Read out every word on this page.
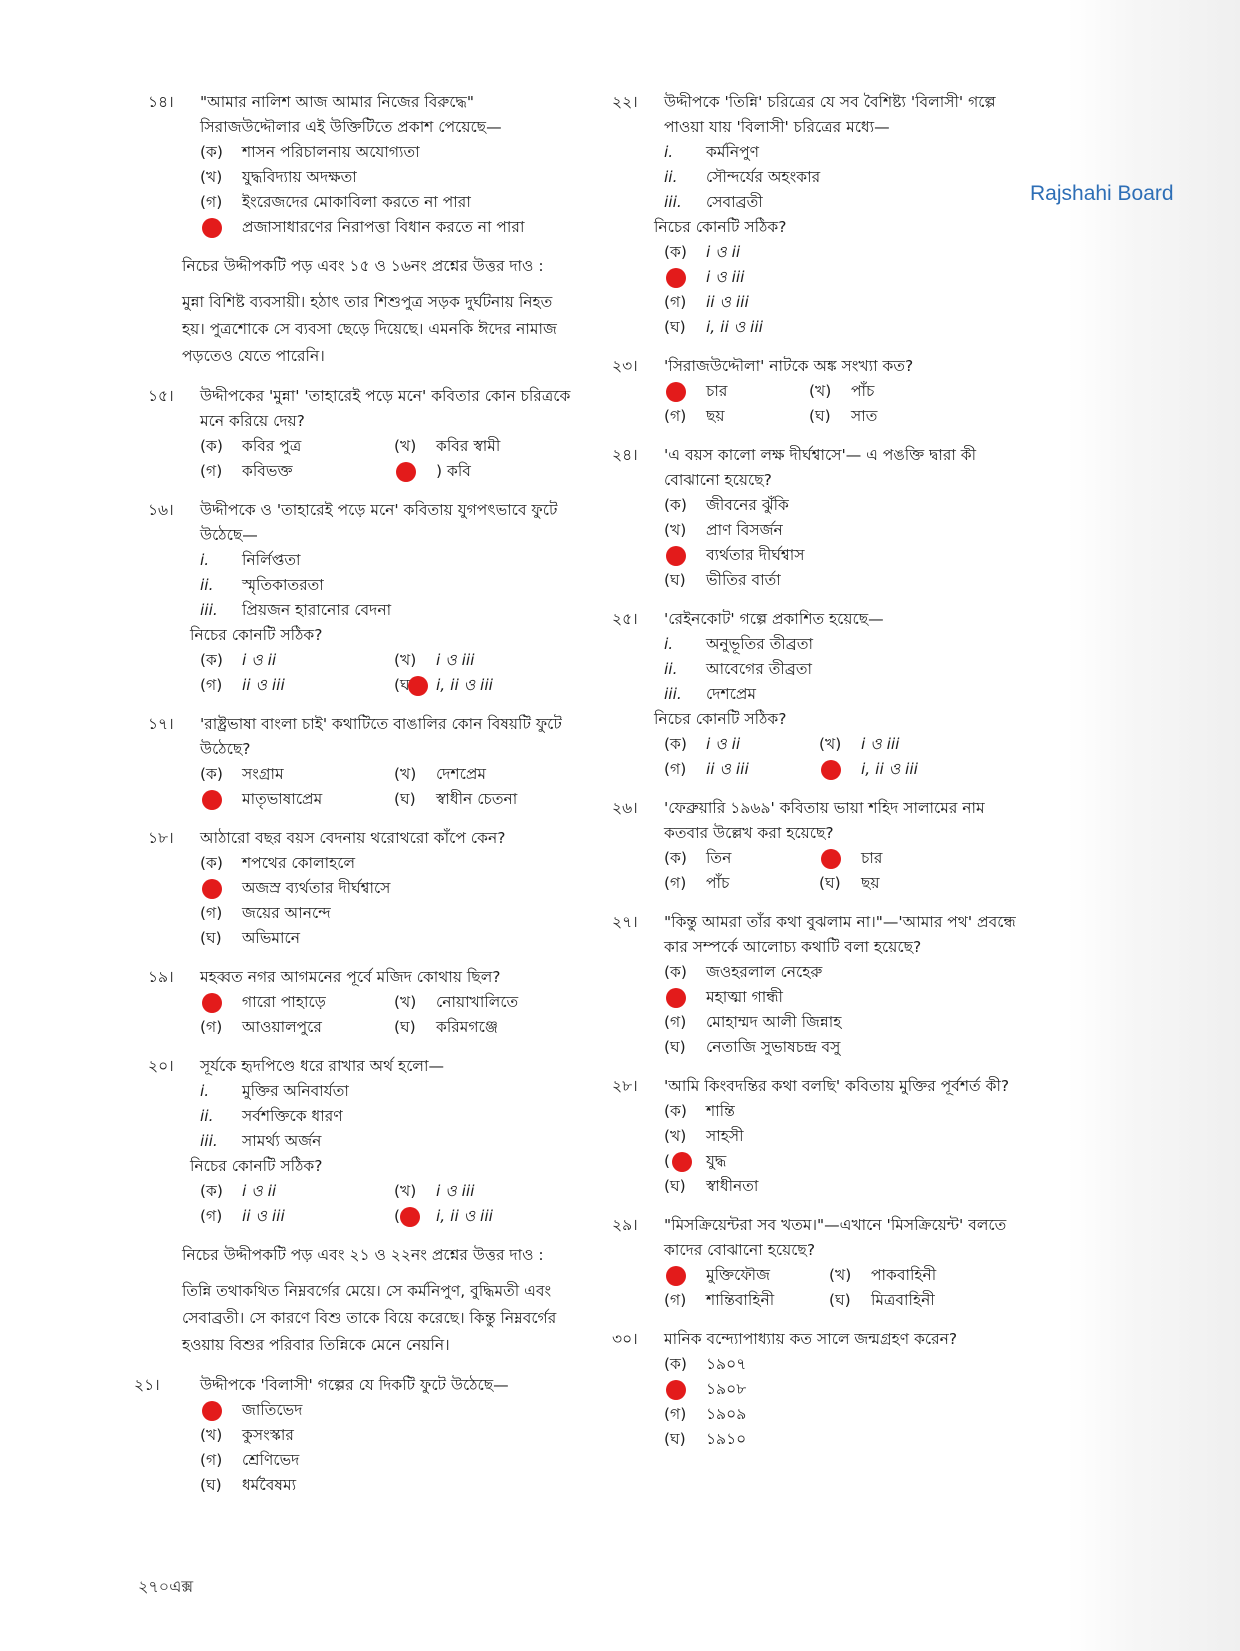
Rajshahi Board
১৪।	"আমার নালিশ আজ আমার নিজের বিরুদ্ধে" সিরাজউদ্দৌলার এই উক্তিটিতে প্রকাশ পেয়েছে—
(ক) শাসন পরিচালনায় অযোগ্যতা
(খ) যুদ্ধবিদ্যায় অদক্ষতা
(গ) ইংরেজদের মোকাবিলা করতে না পারা
প্রজাসাধারণের নিরাপত্তা বিধান করতে না পারা
নিচের উদ্দীপকটি পড় এবং ১৫ ও ১৬নং প্রশ্নের উত্তর দাও :
মুন্না বিশিষ্ট ব্যবসায়ী। হঠাৎ তার শিশুপুত্র সড়ক দুর্ঘটনায় নিহত হয়। পুত্রশোকে সে ব্যবসা ছেড়ে দিয়েছে। এমনকি ঈদের নামাজ পড়তেও যেতে পারেনি।
১৫।	উদ্দীপকের 'মুন্না' 'তাহারেই পড়ে মনে' কবিতার কোন চরিত্রকে মনে করিয়ে দেয়?
(ক) কবির পুত্র	(খ) কবির স্বামী
(গ) কবিভক্ত	) কবি
১৬।	উদ্দীপকে ও 'তাহারেই পড়ে মনে' কবিতায় যুগপৎভাবে ফুটে উঠেছে—
i. নির্লিপ্ততা
ii. স্মৃতিকাতরতা
iii. প্রিয়জন হারানোর বেদনা
নিচের কোনটি সঠিক?
(ক) i ও ii	(খ) i ও iii
(গ) ii ও iii	(ঘ i, ii ও iii
১৭।	'রাষ্ট্রভাষা বাংলা চাই' কথাটিতে বাঙালির কোন বিষয়টি ফুটে উঠেছে?
(ক) সংগ্রাম	(খ) দেশপ্রেম
মাতৃভাষাপ্রেম	(ঘ) স্বাধীন চেতনা
১৮।	আঠারো বছর বয়স বেদনায় থরোথরো কাঁপে কেন?
(ক) শপথের কোলাহলে
অজস্র ব্যর্থতার দীর্ঘশ্বাসে
(গ) জয়ের আনন্দে
(ঘ) অভিমানে
১৯।	মহব্বত নগর আগমনের পূর্বে মজিদ কোথায় ছিল?
গারো পাহাড়ে	(খ) নোয়াখালিতে
(গ) আওয়ালপুরে	(ঘ) করিমগঞ্জে
২০।	সূর্যকে হৃদপিণ্ডে ধরে রাখার অর্থ হলো—
i. মুক্তির অনিবার্যতা
ii. সর্বশক্তিকে ধারণ
iii. সামর্থ্য অর্জন
নিচের কোনটি সঠিক?
(ক) i ও ii	(খ) i ও iii
(গ) ii ও iii	( i, ii ও iii
নিচের উদ্দীপকটি পড় এবং ২১ ও ২২নং প্রশ্নের উত্তর দাও :
তিন্নি তথাকথিত নিম্নবর্গের মেয়ে। সে কর্মনিপুণ, বুদ্ধিমতী এবং সেবাব্রতী। সে কারণে বিশু তাকে বিয়ে করেছে। কিন্তু নিম্নবর্গের হওয়ায় বিশুর পরিবার তিন্নিকে মেনে নেয়নি।
২১।	উদ্দীপকে 'বিলাসী' গল্পের যে দিকটি ফুটে উঠেছে—
জাতিভেদ
(খ) কুসংস্কার
(গ) শ্রেণিভেদ
(ঘ) ধর্মবৈষম্য
২২।	উদ্দীপকে 'তিন্নি' চরিত্রের যে সব বৈশিষ্ট্য 'বিলাসী' গল্পে পাওয়া যায় 'বিলাসী' চরিত্রের মধ্যে—
i. কর্মনিপুণ
ii. সৌন্দর্যের অহংকার
iii. সেবাব্রতী
নিচের কোনটি সঠিক?
(ক) i ও ii
i ও iii
(গ) ii ও iii
(ঘ) i, ii ও iii
২৩।	'সিরাজউদ্দৌলা' নাটকে অঙ্ক সংখ্যা কত?
চার	(খ) পাঁচ
(গ) ছয়	(ঘ) সাত
২৪।	'এ বয়স কালো লক্ষ দীর্ঘশ্বাসে'— এ পঙক্তি দ্বারা কী বোঝানো হয়েছে?
(ক) জীবনের ঝুঁকি
(খ) প্রাণ বিসর্জন
ব্যর্থতার দীর্ঘশ্বাস
(ঘ) ভীতির বার্তা
২৫।	'রেইনকোট' গল্পে প্রকাশিত হয়েছে—
i. অনুভূতির তীব্রতা
ii. আবেগের তীব্রতা
iii. দেশপ্রেম
নিচের কোনটি সঠিক?
(ক) i ও ii	(খ) i ও iii
(গ) ii ও iii	i, ii ও iii
২৬।	'ফেব্রুয়ারি ১৯৬৯' কবিতায় ভায়া শহিদ সালামের নাম কতবার উল্লেখ করা হয়েছে?
(ক) তিন	চার
(গ) পাঁচ	(ঘ) ছয়
২৭।	"কিন্তু আমরা তাঁর কথা বুঝলাম না।"—'আমার পথ' প্রবন্ধে কার সম্পর্কে আলোচ্য কথাটি বলা হয়েছে?
(ক) জওহরলাল নেহেরু
মহাত্মা গান্ধী
(গ) মোহাম্মদ আলী জিন্নাহ
(ঘ) নেতাজি সুভাষচন্দ্র বসু
২৮।	'আমি কিংবদন্তির কথা বলছি' কবিতায় মুক্তির পূর্বশর্ত কী?
(ক) শান্তি
(খ) সাহসী
( যুদ্ধ
(ঘ) স্বাধীনতা
২৯।	"মিসক্রিয়েন্টরা সব খতম।"—এখানে 'মিসক্রিয়েন্ট' বলতে কাদের বোঝানো হয়েছে?
মুক্তিফৌজ	(খ) পাকবাহিনী
(গ) শান্তিবাহিনী	(ঘ) মিত্রবাহিনী
৩০।	মানিক বন্দ্যোপাধ্যায় কত সালে জন্মগ্রহণ করেন?
(ক) ১৯০৭
১৯০৮
(গ) ১৯০৯
(ঘ) ১৯১০
২৭০এক্স
